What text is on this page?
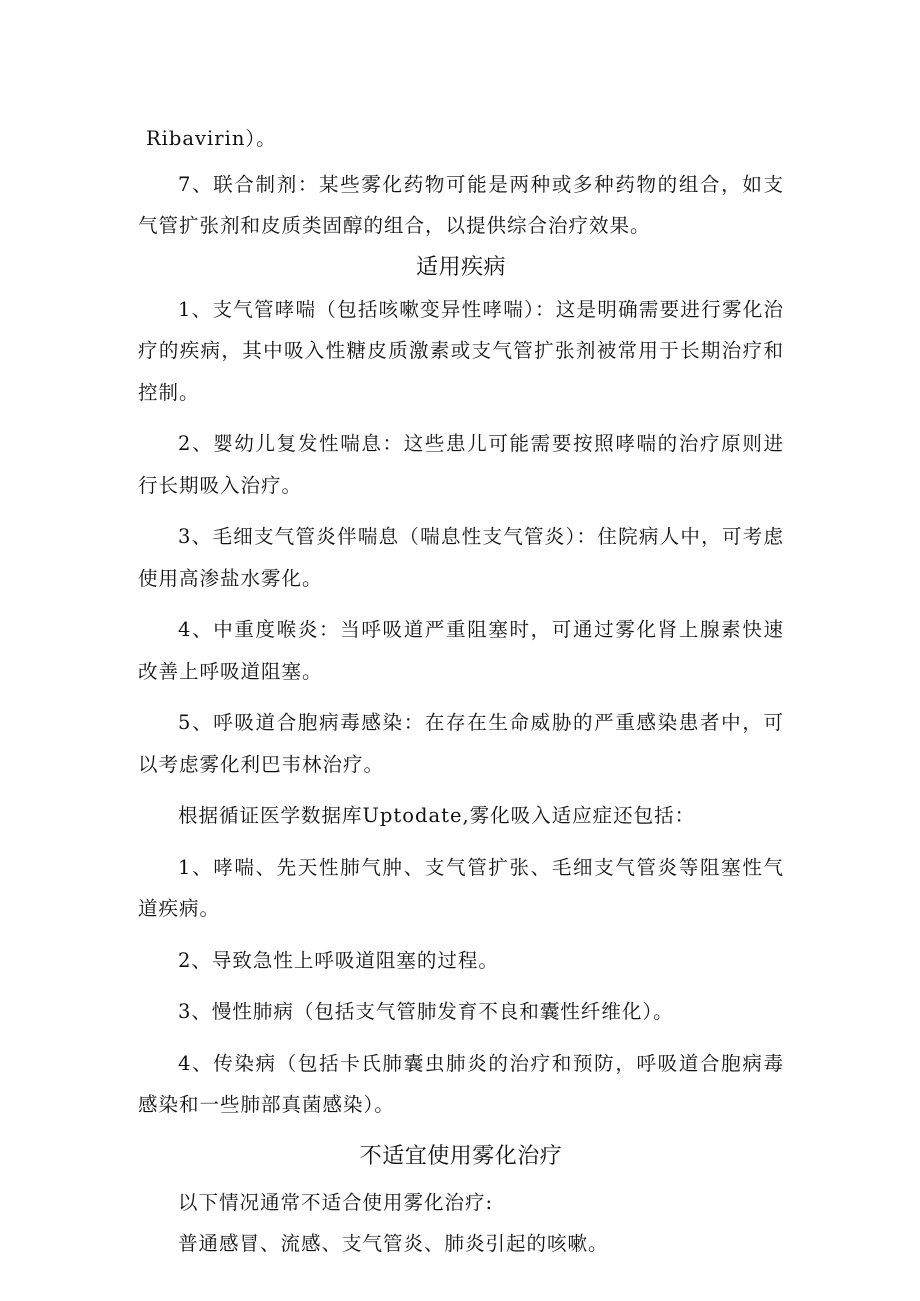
Ribavirin）。

7、联合制剂：某些雾化药物可能是两种或多种药物的组合，如支气管扩张剂和皮质类固醇的组合，以提供综合治疗效果。

适用疾病

1、支气管哮喘（包括咳嗽变异性哮喘）：这是明确需要进行雾化治疗的疾病，其中吸入性糖皮质激素或支气管扩张剂被常用于长期治疗和控制。

2、婴幼儿复发性喘息：这些患儿可能需要按照哮喘的治疗原则进行长期吸入治疗。

3、毛细支气管炎伴喘息（喘息性支气管炎）：住院病人中，可考虑使用高渗盐水雾化。

4、中重度喉炎：当呼吸道严重阻塞时，可通过雾化肾上腺素快速改善上呼吸道阻塞。

5、呼吸道合胞病毒感染：在存在生命威胁的严重感染患者中，可以考虑雾化利巴韦林治疗。

根据循证医学数据库Uptodate,雾化吸入适应症还包括：

1、哮喘、先天性肺气肿、支气管扩张、毛细支气管炎等阻塞性气道疾病。

2、导致急性上呼吸道阻塞的过程。

3、慢性肺病（包括支气管肺发育不良和囊性纤维化）。

4、传染病（包括卡氏肺囊虫肺炎的治疗和预防，呼吸道合胞病毒感染和一些肺部真菌感染）。

不适宜使用雾化治疗

以下情况通常不适合使用雾化治疗:

普通感冒、流感、支气管炎、肺炎引起的咳嗽。
